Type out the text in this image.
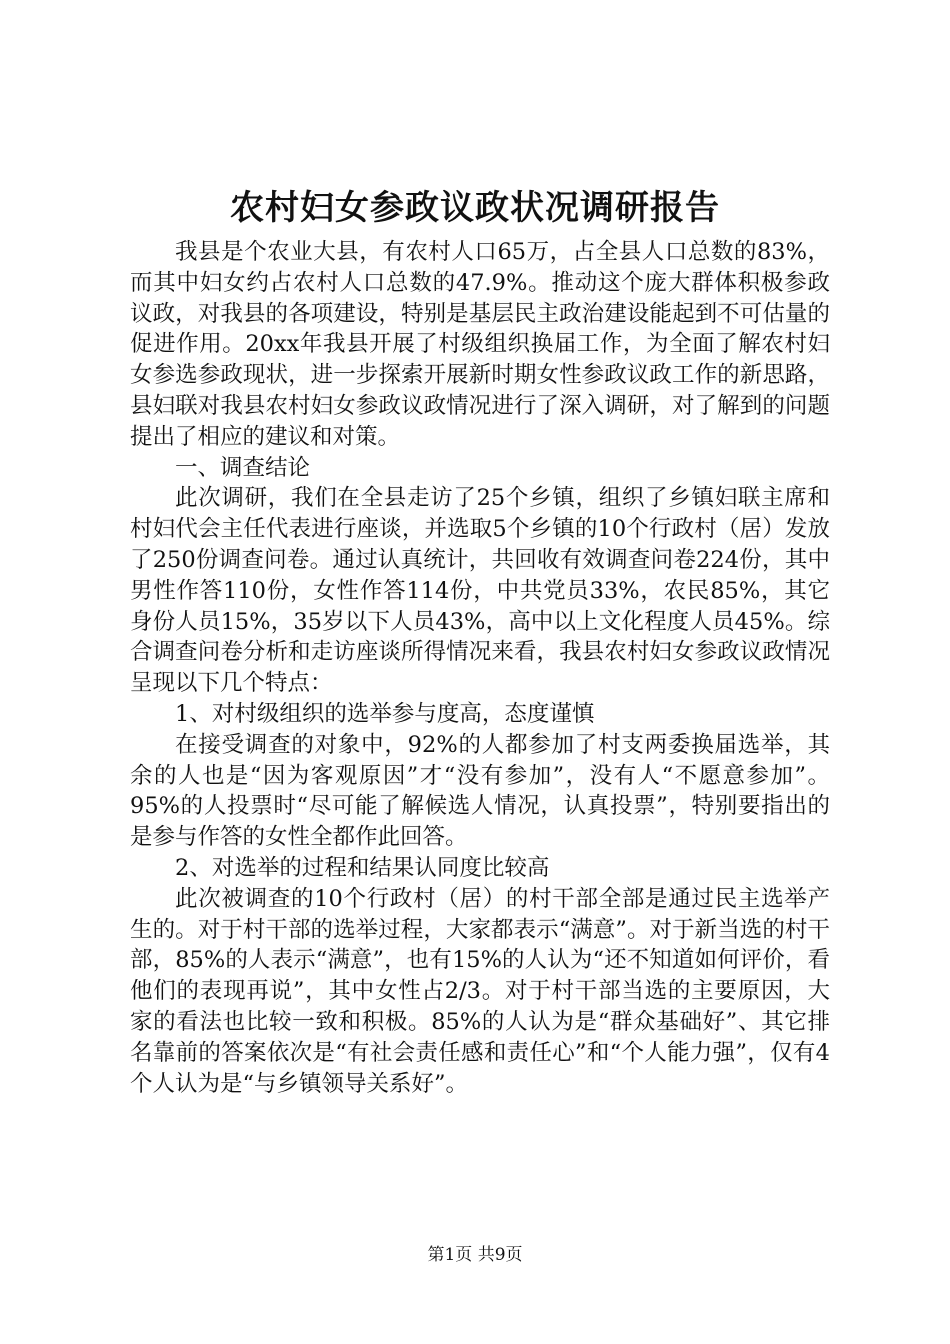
农村妇女参政议政状况调研报告

我县是个农业大县，有农村人口65万，占全县人口总数的83%，而其中妇女约占农村人口总数的47.9%。推动这个庞大群体积极参政议政，对我县的各项建设，特别是基层民主政治建设能起到不可估量的促进作用。20xx年我县开展了村级组织换届工作，为全面了解农村妇女参选参政现状，进一步探索开展新时期女性参政议政工作的新思路，县妇联对我县农村妇女参政议政情况进行了深入调研，对了解到的问题提出了相应的建议和对策。

一、调查结论

此次调研，我们在全县走访了25个乡镇，组织了乡镇妇联主席和村妇代会主任代表进行座谈，并选取5个乡镇的10个行政村（居）发放了250份调查问卷。通过认真统计，共回收有效调查问卷224份，其中男性作答110份，女性作答114份，中共党员33%，农民85%，其它身份人员15%，35岁以下人员43%，高中以上文化程度人员45%。综合调查问卷分析和走访座谈所得情况来看，我县农村妇女参政议政情况呈现以下几个特点：

1、对村级组织的选举参与度高，态度谨慎

在接受调查的对象中，92%的人都参加了村支两委换届选举，其余的人也是“因为客观原因”才“没有参加”，没有人“不愿意参加”。95%的人投票时“尽可能了解候选人情况，认真投票”，特别要指出的是参与作答的女性全都作此回答。

2、对选举的过程和结果认同度比较高

此次被调查的10个行政村（居）的村干部全部是通过民主选举产生的。对于村干部的选举过程，大家都表示“满意”。对于新当选的村干部，85%的人表示“满意”，也有15%的人认为“还不知道如何评价，看他们的表现再说”，其中女性占2/3。对于村干部当选的主要原因，大家的看法也比较一致和积极。85%的人认为是“群众基础好”、其它排名靠前的答案依次是“有社会责任感和责任心”和“个人能力强”，仅有4个人认为是“与乡镇领导关系好”。

第1页 共9页
